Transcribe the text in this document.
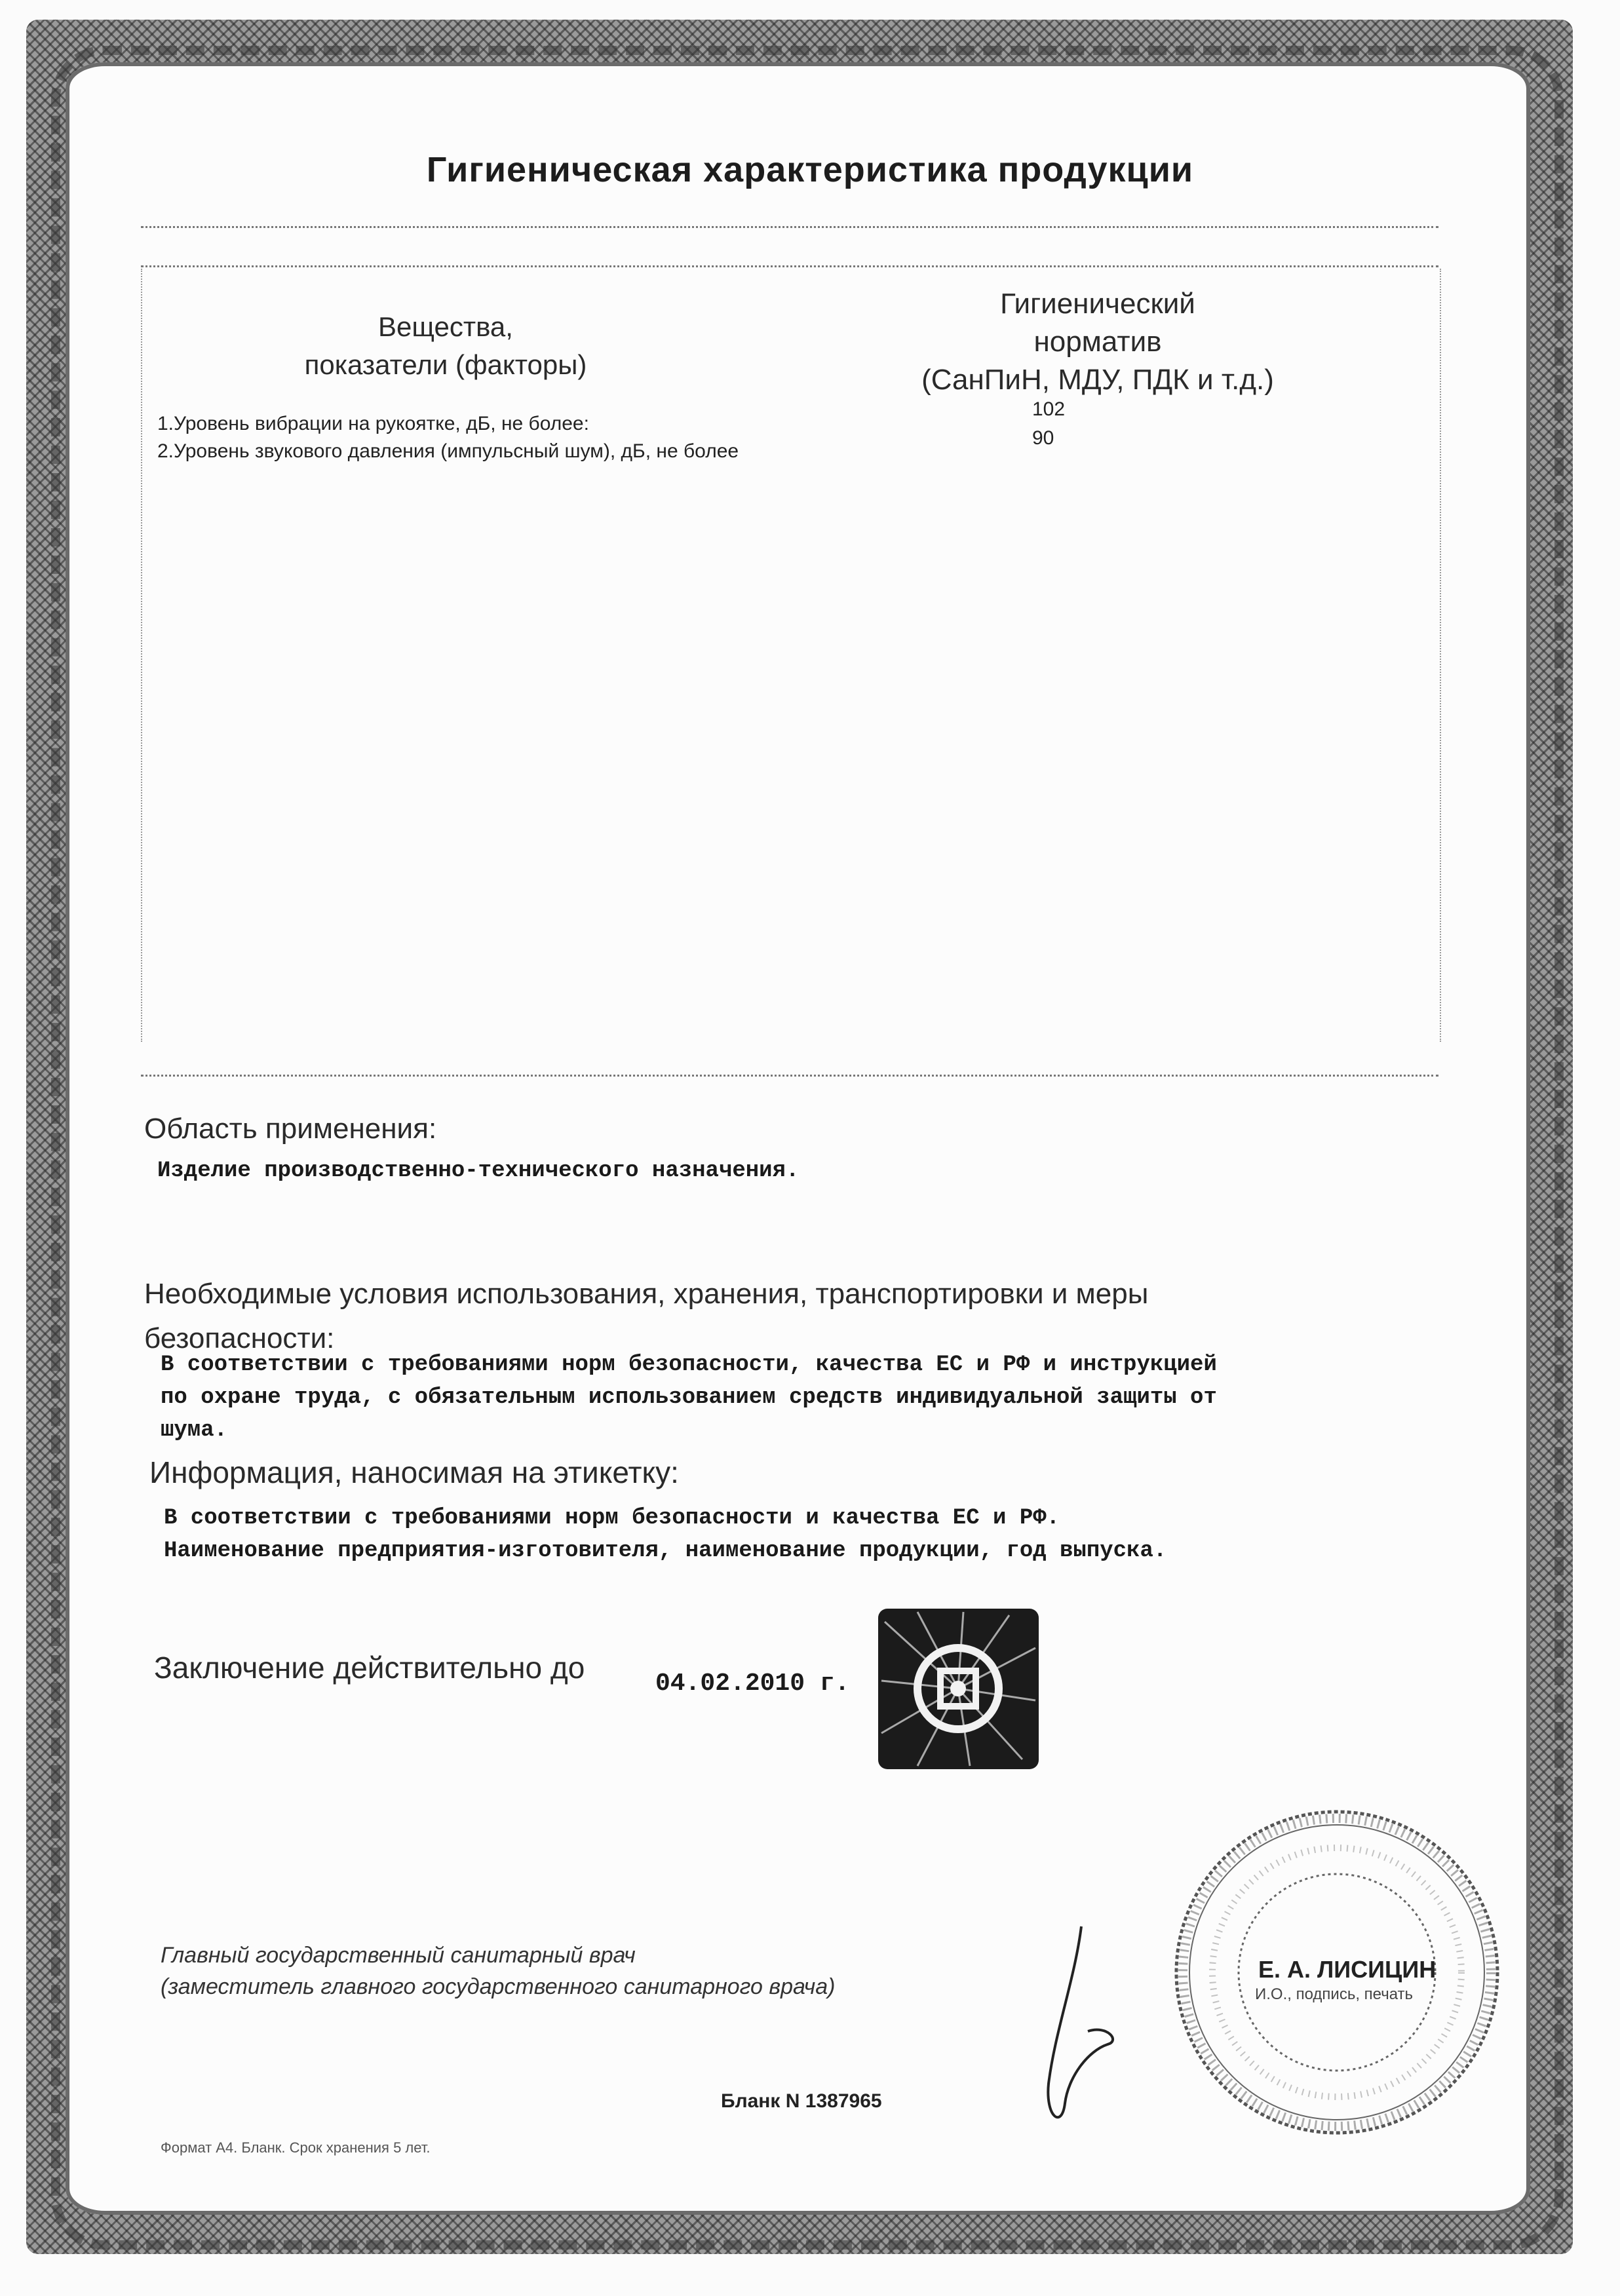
Гигиеническая характеристика продукции
Вещества,
показатели (факторы)
Гигиенический
норматив
(СанПиН, МДУ, ПДК и т.д.)
1.Уровень вибрации на рукоятке, дБ, не более:
102
2.Уровень звукового давления (импульсный шум), дБ, не более
90
Область применения:
Изделие производственно-технического назначения.
Необходимые условия использования, хранения, транспортировки и меры
безопасности:
В соответствии с требованиями норм безопасности, качества ЕС и РФ и инструкцией
по охране труда, с обязательным использованием средств индивидуальной защиты от
шума.
Информация, наносимая на этикетку:
В соответствии с требованиями норм безопасности и качества ЕС и РФ.
Наименование предприятия-изготовителя, наименование продукции, год выпуска.
Заключение действительно до	04.02.2010 г.
Главный государственный санитарный врач
(заместитель главного государственного санитарного врача)
Е. А. ЛИСИЦИН
И.О., подпись, печать
Бланк N 1387965
Формат А4. Бланк. Срок хранения 5 лет.
